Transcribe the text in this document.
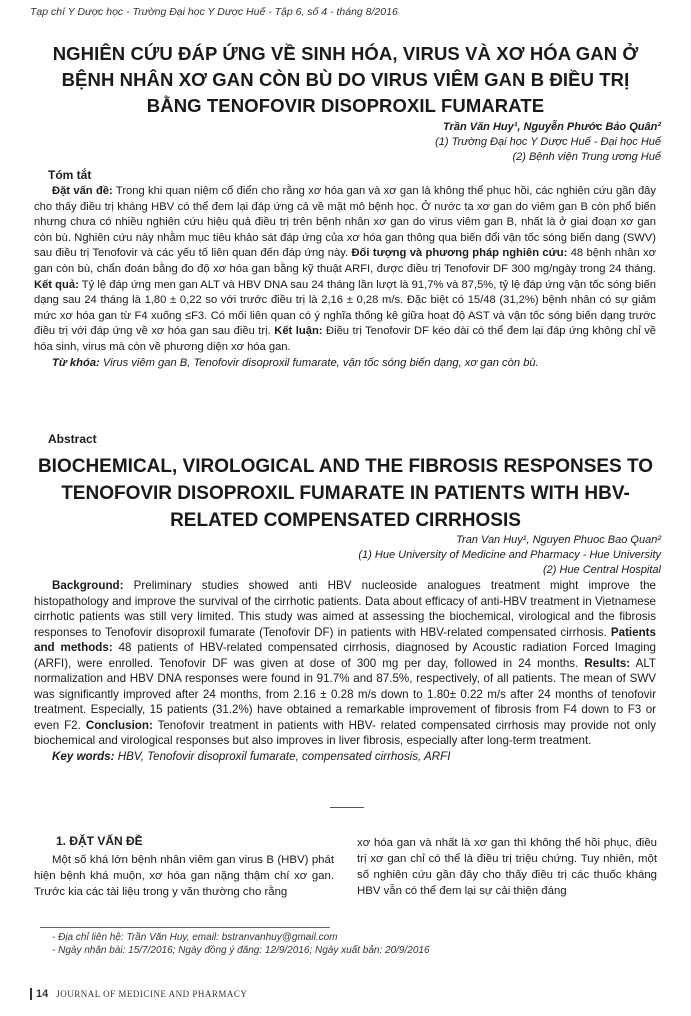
Tạp chí Y Dược học - Trường Đại học Y Dược Huế - Tập 6, số 4 - tháng 8/2016
NGHIÊN CỨU ĐÁP ỨNG VỀ SINH HÓA, VIRUS VÀ XƠ HÓA GAN Ở
BỆNH NHÂN XƠ GAN CÒN BÙ DO VIRUS VIÊM GAN B ĐIỀU TRỊ
BẰNG TENOFOVIR DISOPROXIL FUMARATE
Trần Văn Huy¹, Nguyễn Phước Bảo Quân²
(1) Trường Đại học Y Dược Huế - Đại học Huế
(2) Bệnh viện Trung ương Huế
Tóm tắt

Đặt vấn đề: Trong khi quan niệm cổ điển cho rằng xơ hóa gan và xơ gan là không thể phục hồi, các nghiên cứu gần đây cho thấy điều trị kháng HBV có thể đem lại đáp ứng cả về mặt mô bệnh học. Ở nước ta xơ gan do viêm gan B còn phổ biến nhưng chưa có nhiều nghiên cứu hiệu quả điều trị trên bệnh nhân xơ gan do virus viêm gan B, nhất là ở giai đoạn xơ gan còn bù. Nghiên cứu này nhằm mục tiêu khảo sát đáp ứng của xơ hóa gan thông qua biến đổi vận tốc sóng biến dạng (SWV) sau điều trị Tenofovir và các yếu tố liên quan đến đáp ứng này. Đối tượng và phương pháp nghiên cứu: 48 bệnh nhân xơ gan còn bù, chẩn đoán bằng đo độ xơ hóa gan bằng kỹ thuật ARFI, được điều trị Tenofovir DF 300 mg/ngày trong 24 tháng. Kết quả: Tỷ lệ đáp ứng men gan ALT và HBV DNA sau 24 tháng lần lượt là 91,7% và 87,5%, tỷ lệ đáp ứng vận tốc sóng biến dạng sau 24 tháng là 1,80 ± 0,22 so với trước điều trị là 2,16 ± 0,28 m/s. Đặc biệt có 15/48 (31,2%) bệnh nhân có sự giảm mức xơ hóa gan từ F4 xuống ≤F3. Có mối liên quan có ý nghĩa thống kê giữa hoạt độ AST và vận tốc sóng biến dạng trước điều trị với đáp ứng về xơ hóa gan sau điều trị. Kết luận: Điều trị Tenofovir DF kéo dài có thể đem lại đáp ứng không chỉ về hóa sinh, virus mà còn về phương diện xơ hóa gan.

Từ khóa: Virus viêm gan B, Tenofovir disoproxil fumarate, vận tốc sóng biến dạng, xơ gan còn bù.

Abstract
BIOCHEMICAL, VIROLOGICAL AND THE FIBROSIS RESPONSES TO
TENOFOVIR DISOPROXIL FUMARATE IN PATIENTS WITH HBV-
RELATED COMPENSATED CIRRHOSIS
Tran Van Huy¹, Nguyen Phuoc Bao Quan²
(1) Hue University of Medicine and Pharmacy - Hue University
(2) Hue Central Hospital

Background: Preliminary studies showed anti HBV nucleoside analogues treatment might improve the histopathology and improve the survival of the cirrhotic patients. Data about efficacy of anti-HBV treatment in Vietnamese cirrhotic patients was still very limited. This study was aimed at assessing the biochemical, virological and the fibrosis responses to Tenofovir disoproxil fumarate (Tenofovir DF) in patients with HBV-related compensated cirrhosis. Patients and methods: 48 patients of HBV-related compensated cirrhosis, diagnosed by Acoustic radiation Forced Imaging (ARFI), were enrolled. Tenofovir DF was given at dose of 300 mg per day, followed in 24 months. Results: ALT normalization and HBV DNA responses were found in 91.7% and 87.5%, respectively, of all patients. The mean of SWV was significantly improved after 24 months, from 2.16 ± 0.28 m/s down to 1.80± 0.22 m/s after 24 months of tenofovir treatment. Especially, 15 patients (31.2%) have obtained a remarkable improvement of fibrosis from F4 down to F3 or even F2. Conclusion: Tenofovir treatment in patients with HBV- related compensated cirrhosis may provide not only biochemical and virological responses but also improves in liver fibrosis, especially after long-term treatment.

Key words: HBV, Tenofovir disoproxil fumarate, compensated cirrhosis, ARFI

1. ĐẶT VẤN ĐỀ

Một số khá lớn bệnh nhân viêm gan virus B (HBV) phát hiện bệnh khá muộn, xơ hóa gan nặng thậm chí xơ gan. Trước kia các tài liệu trong y văn thường cho rằng

xơ hóa gan và nhất là xơ gan thì không thể hồi phục, điều trị xơ gan chỉ có thể là điều trị triệu chứng. Tuy nhiên, một số nghiên cứu gần đây cho thấy điều trị các thuốc kháng HBV vẫn có thể đem lại sự cải thiện đáng

- Địa chỉ liên hệ: Trần Văn Huy, email: bstranvanhuy@gmail.com
- Ngày nhận bài: 15/7/2016; Ngày đồng ý đăng: 12/9/2016; Ngày xuất bản: 20/9/2016
14 JOURNAL OF MEDICINE AND PHARMACY
